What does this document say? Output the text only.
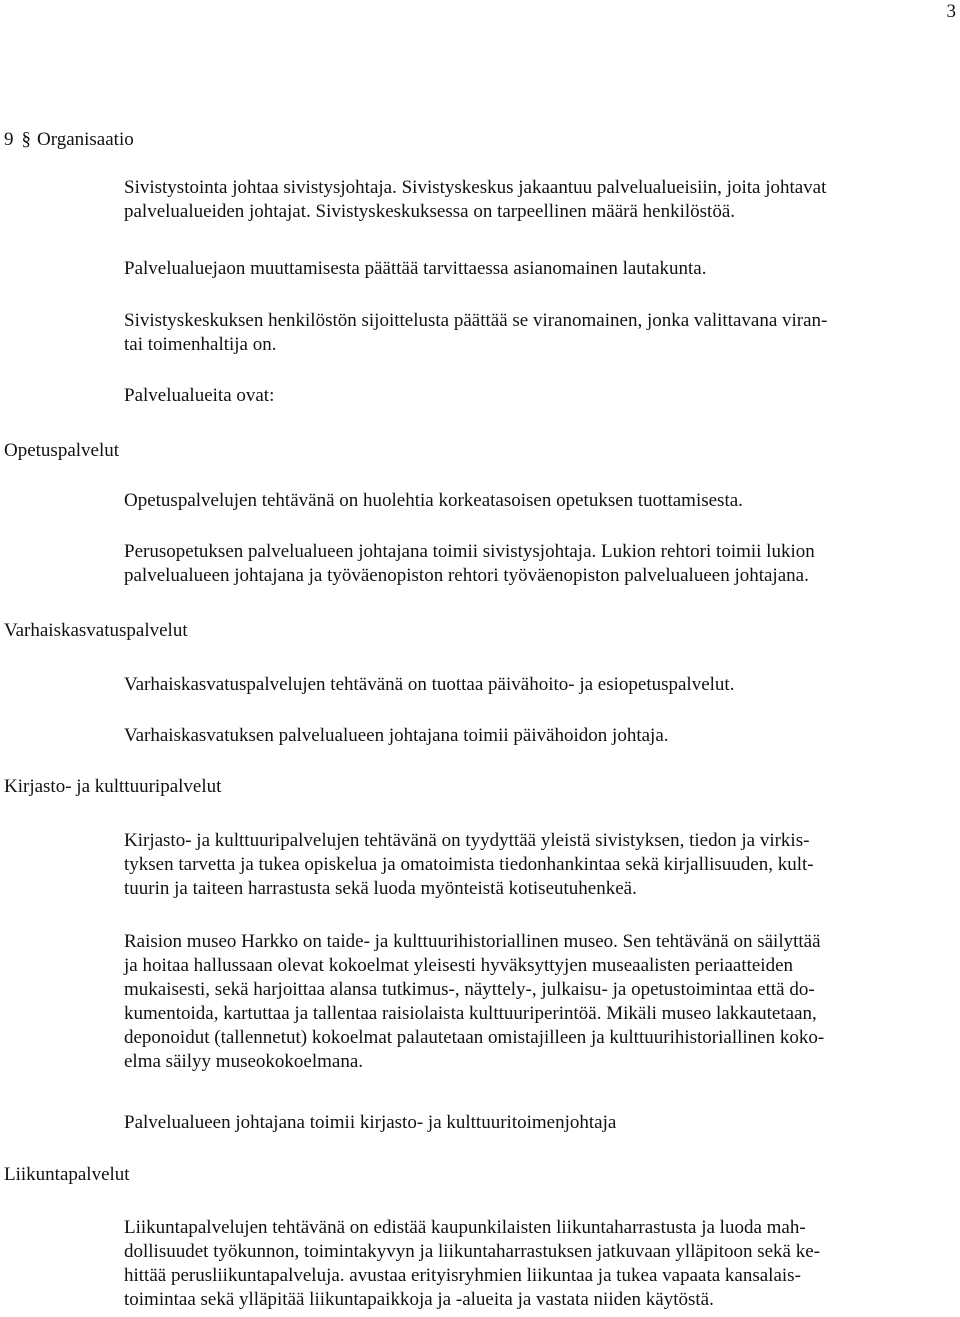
3
9 § Organisaatio

Sivistystointa johtaa sivistysjohtaja. Sivistyskeskus jakaantuu palvelualueisiin, joita johtavat

palvelualueiden johtajat. Sivistyskeskuksessa on tarpeellinen määrä henkilöstöä.

Palvelualuejaon muuttamisesta päättää tarvittaessa asianomainen lautakunta.

Sivistyskeskuksen henkilöstön sijoittelusta päättää se viranomainen, jonka valittavana viran-

tai toimenhaltija on.

Palvelualueita ovat:

Opetuspalvelut

Opetuspalvelujen tehtävänä on huolehtia korkeatasoisen opetuksen tuottamisesta.

Perusopetuksen palvelualueen johtajana toimii sivistysjohtaja. Lukion rehtori toimii lukion

palvelualueen johtajana ja työväenopiston rehtori työväenopiston palvelualueen johtajana.

Varhaiskasvatuspalvelut

Varhaiskasvatuspalvelujen tehtävänä on tuottaa päivähoito- ja esiopetuspalvelut.

Varhaiskasvatuksen palvelualueen johtajana toimii päivähoidon johtaja.

Kirjasto- ja kulttuuripalvelut

Kirjasto- ja kulttuuripalvelujen tehtävänä on tyydyttää yleistä sivistyksen, tiedon ja virkis-

tyksen tarvetta ja tukea opiskelua ja omatoimista tiedonhankintaa sekä kirjallisuuden, kult-

tuurin ja taiteen harrastusta sekä luoda myönteistä kotiseutuhenkeä.

Raision museo Harkko on taide- ja kulttuurihistoriallinen museo. Sen tehtävänä on säilyttää

ja hoitaa hallussaan olevat kokoelmat yleisesti hyväksyttyjen museaalisten periaatteiden

mukaisesti, sekä harjoittaa alansa tutkimus-, näyttely-, julkaisu- ja opetustoimintaa että do-

kumentoida, kartuttaa ja tallentaa raisiolaista kulttuuriperintöä. Mikäli museo lakkautetaan,

deponoidut (tallennetut) kokoelmat palautetaan omistajilleen ja kulttuurihistoriallinen koko-

elma säilyy museokokoelmana.

Palvelualueen johtajana toimii kirjasto- ja kulttuuritoimenjohtaja

Liikuntapalvelut

Liikuntapalvelujen tehtävänä on edistää kaupunkilaisten liikuntaharrastusta ja luoda mah-

dollisuudet työkunnon, toimintakyvyn ja liikuntaharrastuksen jatkuvaan ylläpitoon sekä ke-

hittää perusliikuntapalveluja. avustaa erityisryhmien liikuntaa ja tukea vapaata kansalais-

toimintaa sekä ylläpitää liikuntapaikkoja ja -alueita ja vastata niiden käytöstä.
